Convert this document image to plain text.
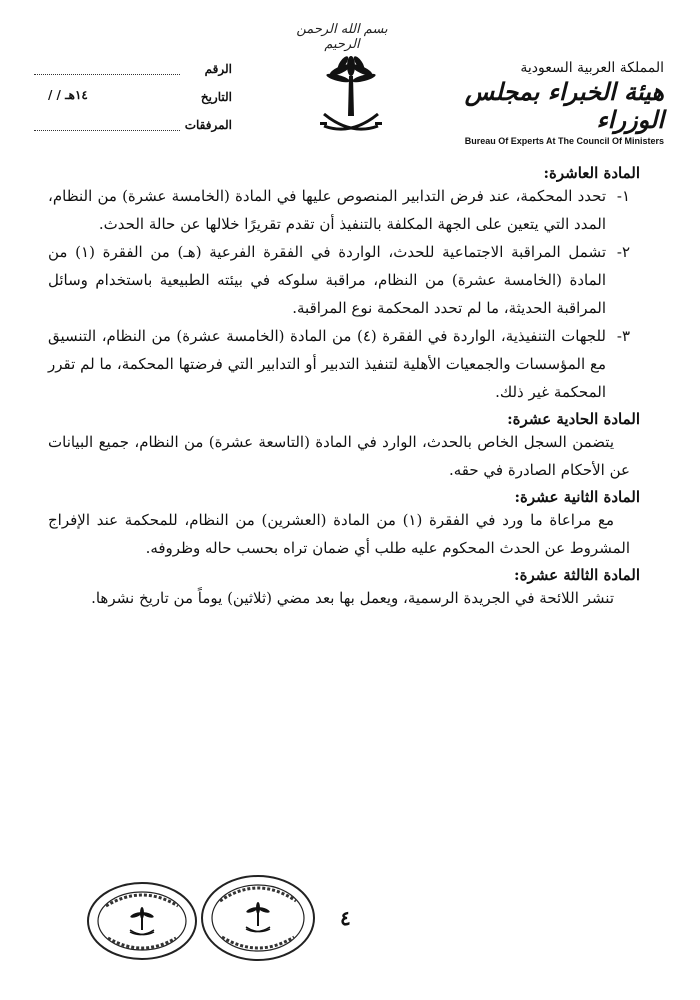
بسم الله الرحمن الرحيم
الرقم
التاريخ
/ / ١٤هـ
المرفقات
المملكة العربية السعودية
هيئة الخبراء بمجلس الوزراء
Bureau Of Experts At The Council Of Ministers
المادة العاشرة:
١-
تحدد المحكمة، عند فرض التدابير المنصوص عليها في المادة (الخامسة عشرة) من النظام، المدد التي يتعين على الجهة المكلفة بالتنفيذ أن تقدم تقريرًا خلالها عن حالة الحدث.
٢-
تشمل المراقبة الاجتماعية للحدث، الواردة في الفقرة الفرعية (هـ) من الفقرة (١) من المادة (الخامسة عشرة) من النظام، مراقبة سلوكه في بيئته الطبيعية باستخدام وسائل المراقبة الحديثة، ما لم تحدد المحكمة نوع المراقبة.
٣-
للجهات التنفيذية، الواردة في الفقرة (٤) من المادة (الخامسة عشرة) من النظام، التنسيق مع المؤسسات والجمعيات الأهلية لتنفيذ التدبير أو التدابير التي فرضتها المحكمة، ما لم تقرر المحكمة غير ذلك.
المادة الحادية عشرة:
يتضمن السجل الخاص بالحدث، الوارد في المادة (التاسعة عشرة) من النظام، جميع البيانات عن الأحكام الصادرة في حقه.
المادة الثانية عشرة:
مع مراعاة ما ورد في الفقرة (١) من المادة (العشرين) من النظام، للمحكمة عند الإفراج المشروط عن الحدث المحكوم عليه طلب أي ضمان تراه بحسب حاله وظروفه.
المادة الثالثة عشرة:
تنشر اللائحة في الجريدة الرسمية، ويعمل بها بعد مضي (ثلاثين) يوماً من تاريخ نشرها.
٤
